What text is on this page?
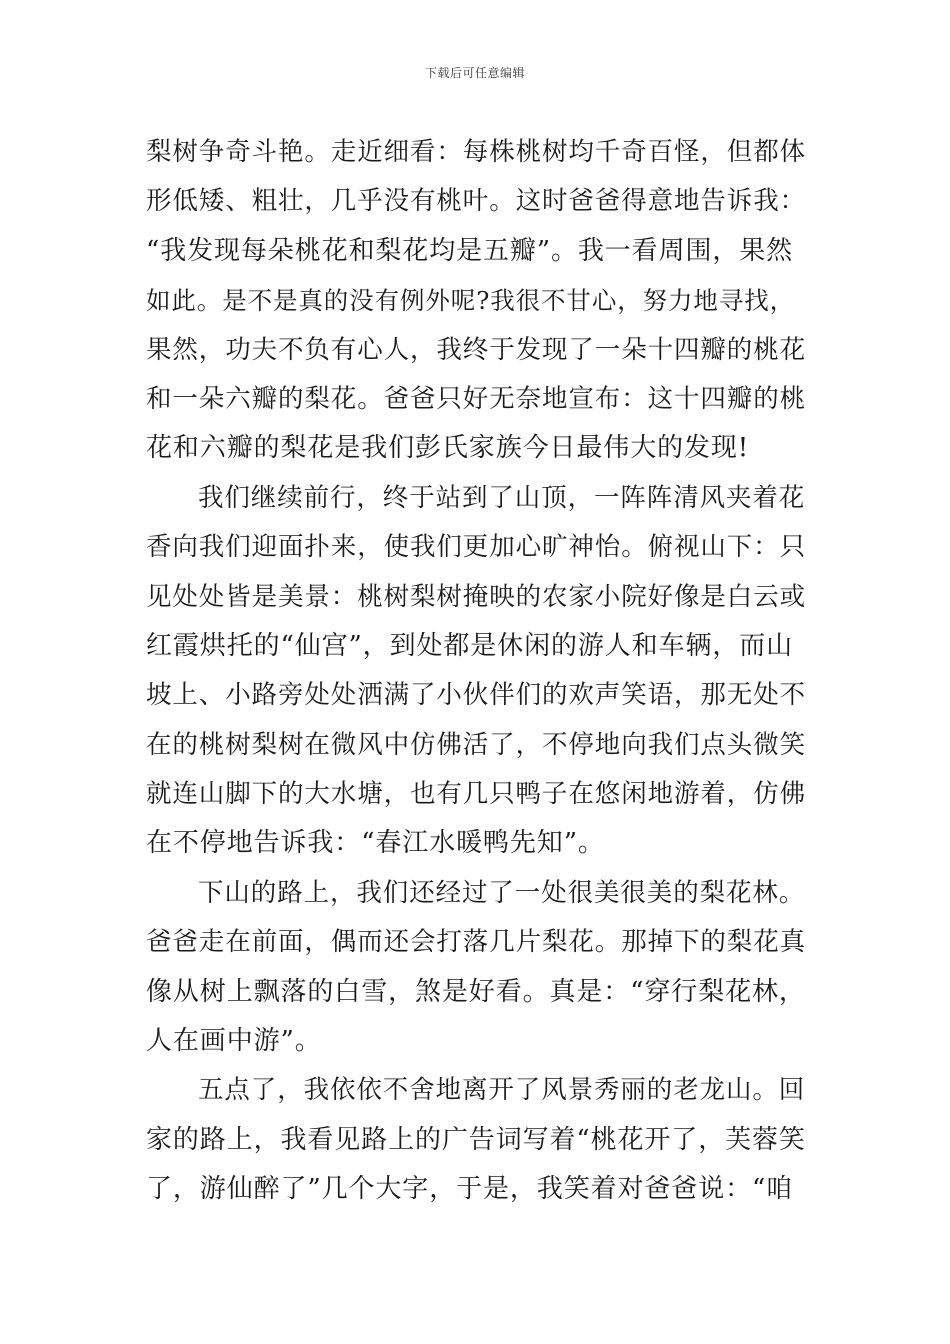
下载后可任意编辑
梨树争奇斗艳。走近细看：每株桃树均千奇百怪，但都体
形低矮、粗壮，几乎没有桃叶。这时爸爸得意地告诉我：
“我发现每朵桃花和梨花均是五瓣”。我一看周围，果然
如此。是不是真的没有例外呢?我很不甘心，努力地寻找，
果然，功夫不负有心人，我终于发现了一朵十四瓣的桃花
和一朵六瓣的梨花。爸爸只好无奈地宣布：这十四瓣的桃
花和六瓣的梨花是我们彭氏家族今日最伟大的发现!
我们继续前行，终于站到了山顶，一阵阵清风夹着花
香向我们迎面扑来，使我们更加心旷神怡。俯视山下：只
见处处皆是美景：桃树梨树掩映的农家小院好像是白云或
红霞烘托的“仙宫”，到处都是休闲的游人和车辆，而山
坡上、小路旁处处洒满了小伙伴们的欢声笑语，那无处不
在的桃树梨树在微风中仿佛活了，不停地向我们点头微笑
就连山脚下的大水塘，也有几只鸭子在悠闲地游着，仿佛
在不停地告诉我：“春江水暖鸭先知”。
下山的路上，我们还经过了一处很美很美的梨花林。
爸爸走在前面，偶而还会打落几片梨花。那掉下的梨花真
像从树上飘落的白雪，煞是好看。真是：“穿行梨花林，
人在画中游”。
五点了，我依依不舍地离开了风景秀丽的老龙山。回
家的路上，我看见路上的广告词写着“桃花开了，芙蓉笑
了，游仙醉了”几个大字，于是，我笑着对爸爸说：“咱
